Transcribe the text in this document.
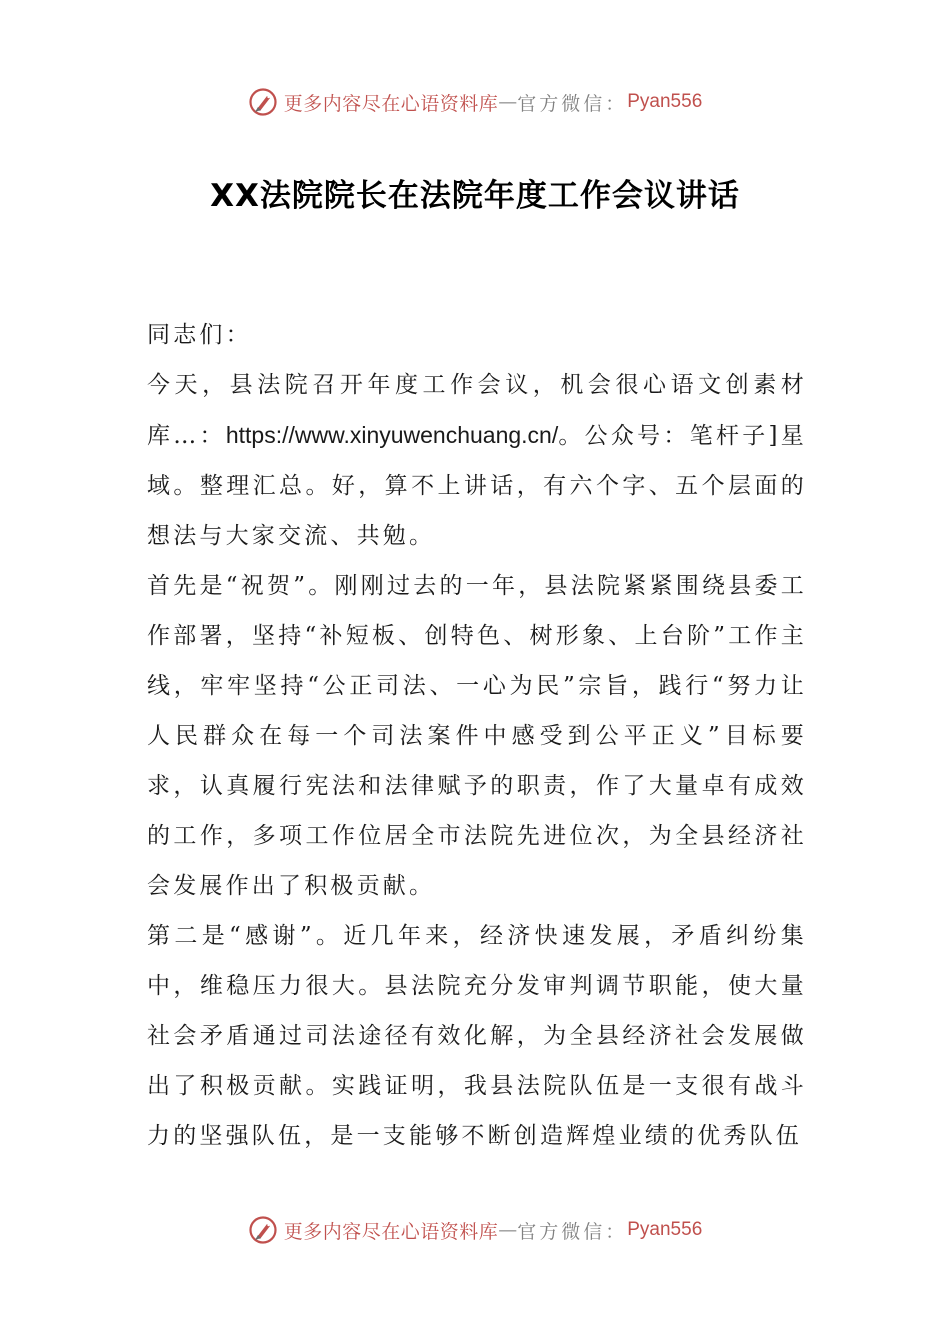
更多内容尽在心语资料库 — 官方微信： Pyan556
XX法院院长在法院年度工作会议讲话

同志们：

今天，县法院召开年度工作会议，机会很心语文创素材库…：https://www.xinyuwenchuang.cn/。公众号：笔杆子]星域。整理汇总。好，算不上讲话，有六个字、五个层面的想法与大家交流、共勉。

首先是“祝贺”。刚刚过去的一年，县法院紧紧围绕县委工作部署，坚持“补短板、创特色、树形象、上台阶”工作主线，牢牢坚持“公正司法、一心为民”宗旨，践行“努力让人民群众在每一个司法案件中感受到公平正义”目标要求，认真履行宪法和法律赋予的职责，作了大量卓有成效的工作，多项工作位居全市法院先进位次，为全县经济社会发展作出了积极贡献。

第二是“感谢”。近几年来，经济快速发展，矛盾纠纷集中，维稳压力很大。县法院充分发审判调节职能，使大量社会矛盾通过司法途径有效化解，为全县经济社会发展做出了积极贡献。实践证明，我县法院队伍是一支很有战斗力的坚强队伍，是一支能够不断创造辉煌业绩的优秀队伍

更多内容尽在心语资料库 — 官方微信： Pyan556
